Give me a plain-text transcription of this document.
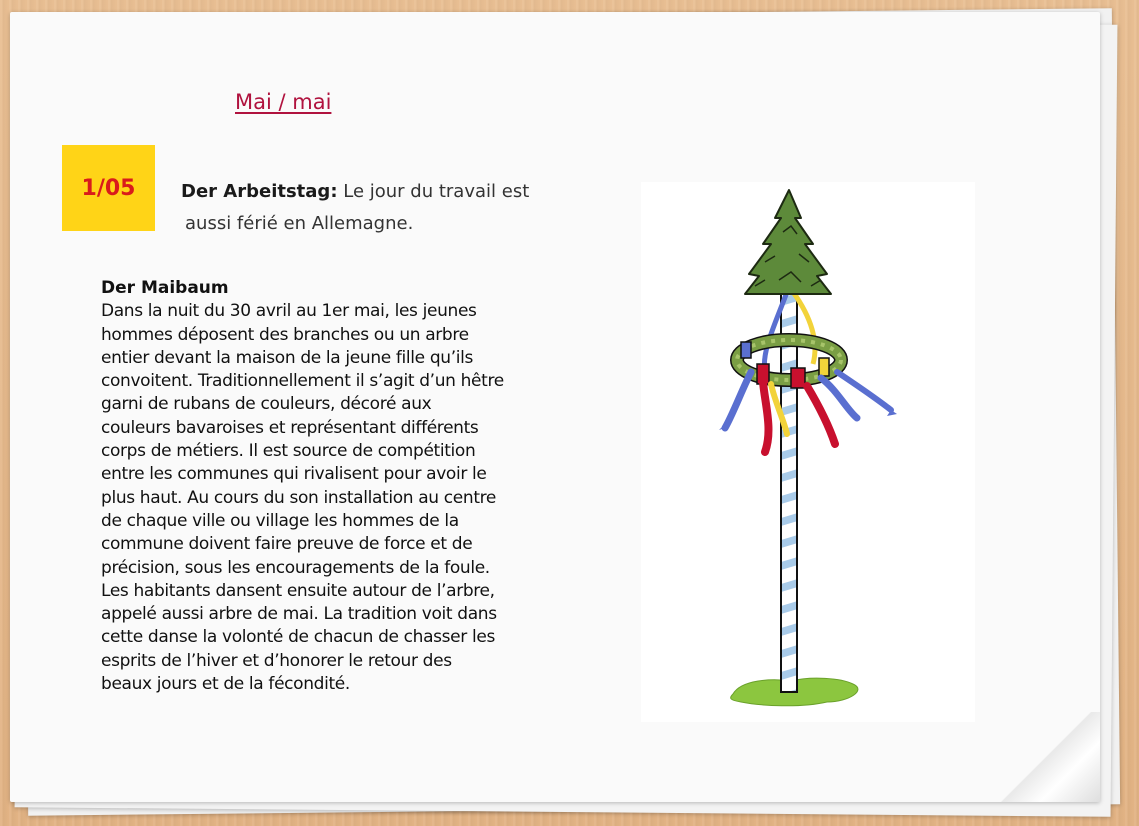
Mai / mai
1/05	Der Arbeitstag: Le jour du travail est
aussi férié en Allemagne.
Der Maibaum

Dans la nuit du 30 avril au 1er mai, les jeunes

hommes déposent des branches ou un arbre

entier devant la maison de la jeune fille qu’ils

convoitent. Traditionnellement il s’agit d’un hêtre

garni de rubans de couleurs, décoré aux

couleurs bavaroises et représentant différents

corps de métiers. Il est source de compétition

entre les communes qui rivalisent pour avoir le

plus haut. Au cours du son installation au centre

de chaque ville ou village les hommes de la

commune doivent faire preuve de force et de

précision, sous les encouragements de la foule.

Les habitants dansent ensuite autour de l’arbre,

appelé aussi arbre de mai. La tradition voit dans

cette danse la volonté de chacun de chasser les

esprits de l’hiver et d’honorer le retour des

beaux jours et de la fécondité.
